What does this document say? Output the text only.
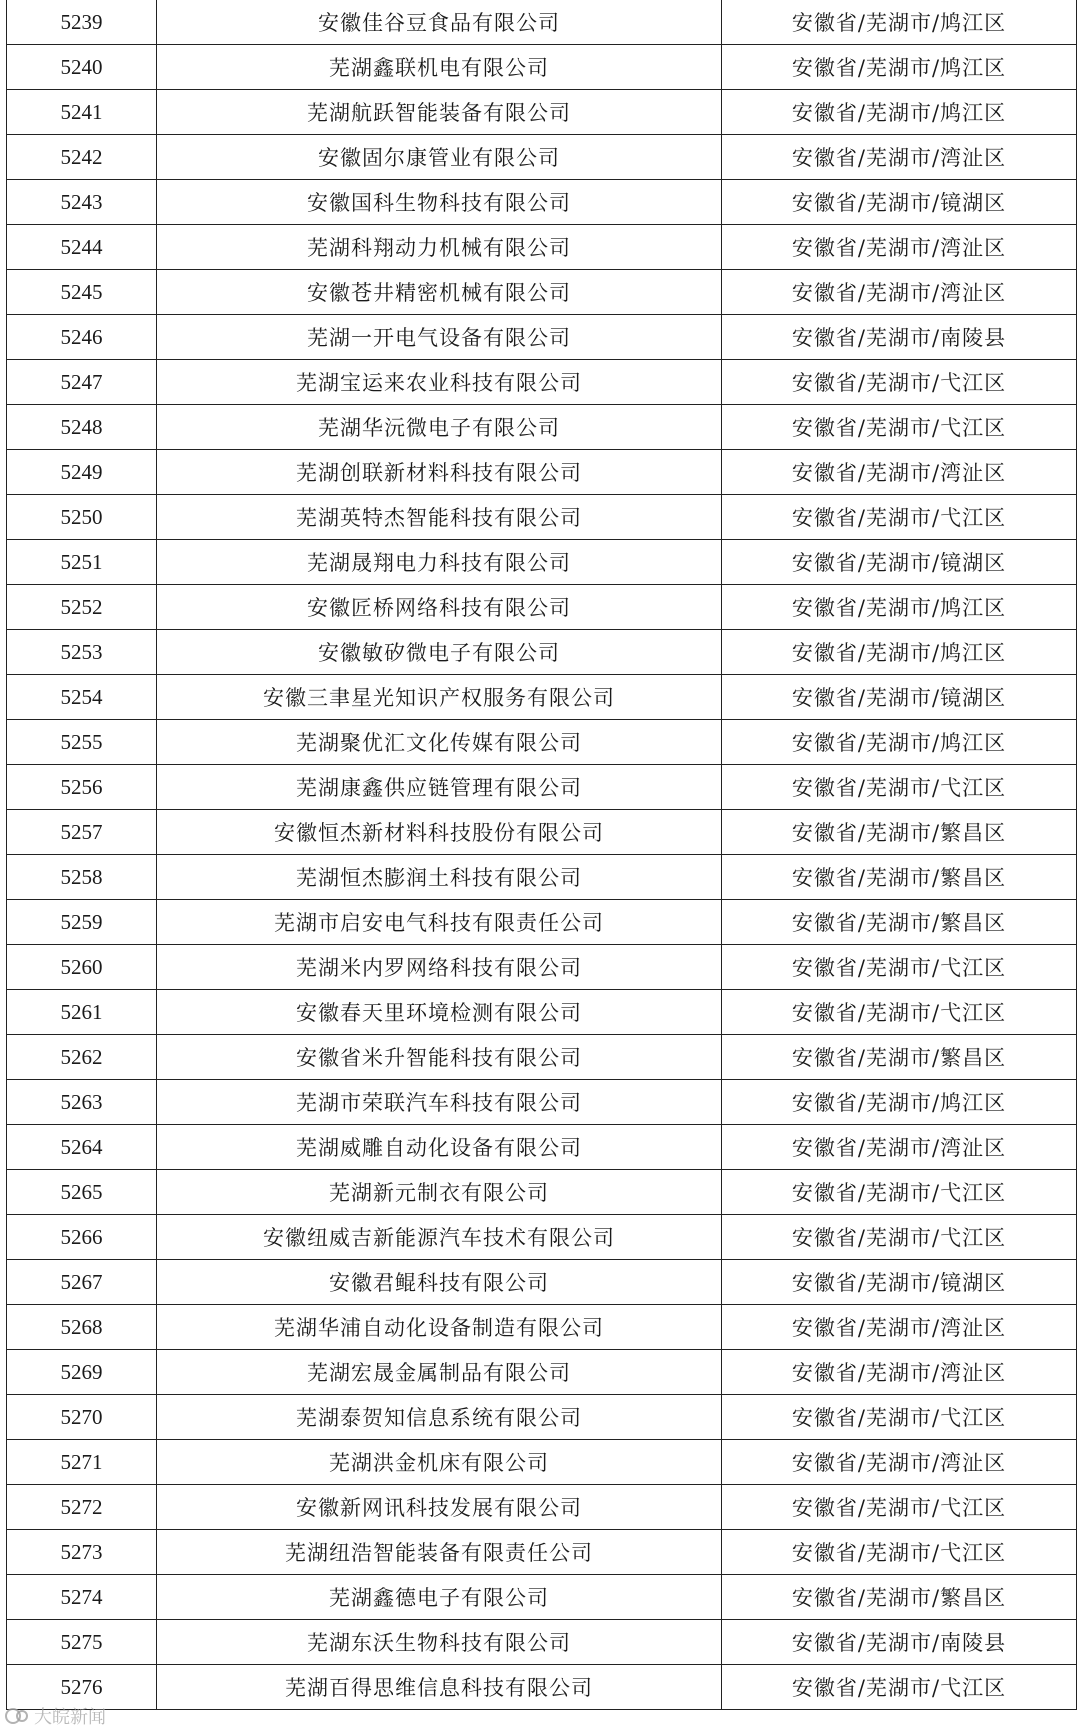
5239	安徽佳谷豆食品有限公司	安徽省/芜湖市/鸠江区
5240	芜湖鑫联机电有限公司	安徽省/芜湖市/鸠江区
5241	芜湖航跃智能装备有限公司	安徽省/芜湖市/鸠江区
5242	安徽固尔康管业有限公司	安徽省/芜湖市/湾沚区
5243	安徽国科生物科技有限公司	安徽省/芜湖市/镜湖区
5244	芜湖科翔动力机械有限公司	安徽省/芜湖市/湾沚区
5245	安徽苍井精密机械有限公司	安徽省/芜湖市/湾沚区
5246	芜湖一开电气设备有限公司	安徽省/芜湖市/南陵县
5247	芜湖宝运来农业科技有限公司	安徽省/芜湖市/弋江区
5248	芜湖华沅微电子有限公司	安徽省/芜湖市/弋江区
5249	芜湖创联新材料科技有限公司	安徽省/芜湖市/湾沚区
5250	芜湖英特杰智能科技有限公司	安徽省/芜湖市/弋江区
5251	芜湖晟翔电力科技有限公司	安徽省/芜湖市/镜湖区
5252	安徽匠桥网络科技有限公司	安徽省/芜湖市/鸠江区
5253	安徽敏矽微电子有限公司	安徽省/芜湖市/鸠江区
5254	安徽三聿星光知识产权服务有限公司	安徽省/芜湖市/镜湖区
5255	芜湖聚优汇文化传媒有限公司	安徽省/芜湖市/鸠江区
5256	芜湖康鑫供应链管理有限公司	安徽省/芜湖市/弋江区
5257	安徽恒杰新材料科技股份有限公司	安徽省/芜湖市/繁昌区
5258	芜湖恒杰膨润土科技有限公司	安徽省/芜湖市/繁昌区
5259	芜湖市启安电气科技有限责任公司	安徽省/芜湖市/繁昌区
5260	芜湖米内罗网络科技有限公司	安徽省/芜湖市/弋江区
5261	安徽春天里环境检测有限公司	安徽省/芜湖市/弋江区
5262	安徽省米升智能科技有限公司	安徽省/芜湖市/繁昌区
5263	芜湖市荣联汽车科技有限公司	安徽省/芜湖市/鸠江区
5264	芜湖威雕自动化设备有限公司	安徽省/芜湖市/湾沚区
5265	芜湖新元制衣有限公司	安徽省/芜湖市/弋江区
5266	安徽纽威吉新能源汽车技术有限公司	安徽省/芜湖市/弋江区
5267	安徽君鲲科技有限公司	安徽省/芜湖市/镜湖区
5268	芜湖华浦自动化设备制造有限公司	安徽省/芜湖市/湾沚区
5269	芜湖宏晟金属制品有限公司	安徽省/芜湖市/湾沚区
5270	芜湖泰贺知信息系统有限公司	安徽省/芜湖市/弋江区
5271	芜湖洪金机床有限公司	安徽省/芜湖市/湾沚区
5272	安徽新网讯科技发展有限公司	安徽省/芜湖市/弋江区
5273	芜湖纽浩智能装备有限责任公司	安徽省/芜湖市/弋江区
5274	芜湖鑫德电子有限公司	安徽省/芜湖市/繁昌区
5275	芜湖东沃生物科技有限公司	安徽省/芜湖市/南陵县
5276	芜湖百得思维信息科技有限公司	安徽省/芜湖市/弋江区
大皖新闻
